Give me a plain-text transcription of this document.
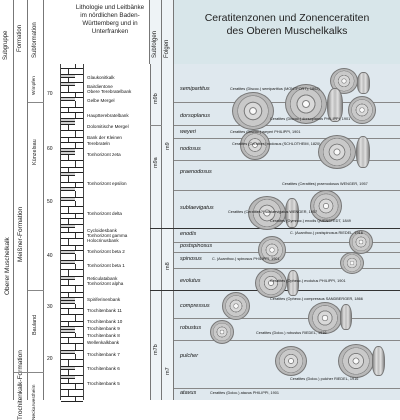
Subgruppe Formation Subformation
Lithologie und Leitbänke im nördlichen Baden-Württemberg und in Unterfranken	Subfolgen Folgen
Ceratitenzonen und Zonenceratiten
des Oberen Muschelkalks
Oberer Muschelkalk
Meißner-Formation
Trochitenkalk-Formation
Wimpfen
Künzelsau
Bauland
Neckarwestheim
70
60
50
40
30
20
Glaukonitkalk
Bairdientone
Obere Terebratelbank
Gelbe Mergel
Hauptterebratelbank
Dolomitische Mergel
Bank der Kleinen
Terebrateln
Tonhorizont zeta
Tonhorizont epsilon
Tonhorizont delta
Cycloidesbank
Tonhorizont gamma
Holocrinusbank
Tonhorizont beta 2
Tonhorizont beta 1
Reticulatabank
Tonhorizont alpha
Spiriferinenbank
Trochitenbank 11
Trochitenbank 10
Trochitenbank 9
Trochitenbank 8
Wellenkalkbank
Trochitenbank 7
Trochitenbank 6
Trochitenbank 5
m9b
m9a
m9
m8
m7b
m7
semipartitus
dorsoplanus
weyeri
nodosus
praenodosus
sublaevigatus
enodis
postspinosus
spinosus
evolutus
compressus
robustus
pulcher
atavus
Ceratites (Discoc.) semipartitus (MONTFORT), 1802)
Ceratites (Discoc.) dorsoplanus PHILIPPI, 1901
Ceratites (Discoc.) weyeri PHILIPPI, 1901
Ceratites (Ceratites) nodosus (SCHLOTHEIM, 1820)
Ceratites (Ceratites) praenodosus WENGER, 1957
Ceratites (Ceratites?) sublaevigatus WENGER, 1957
Ceratites (Gymnoc.) enodis QUENSTEDT, 1849
C. (Acanthoc.) postspinosus RIEDEL, 1916
C. (Acanthoc.) spinosus PHILIPPI, 1901
Ceratites (Opheoc.) evolutus PHILIPPI, 1901
Ceratites (Opheoc.) compressus SANDBERGER, 1866
Ceratites (Doloc.) robustus RIEDEL, 1916
Ceratites (Doloc.) pulcher RIEDEL, 1916
Ceratites (Doloc.) atavus PHILIPPI, 1901
